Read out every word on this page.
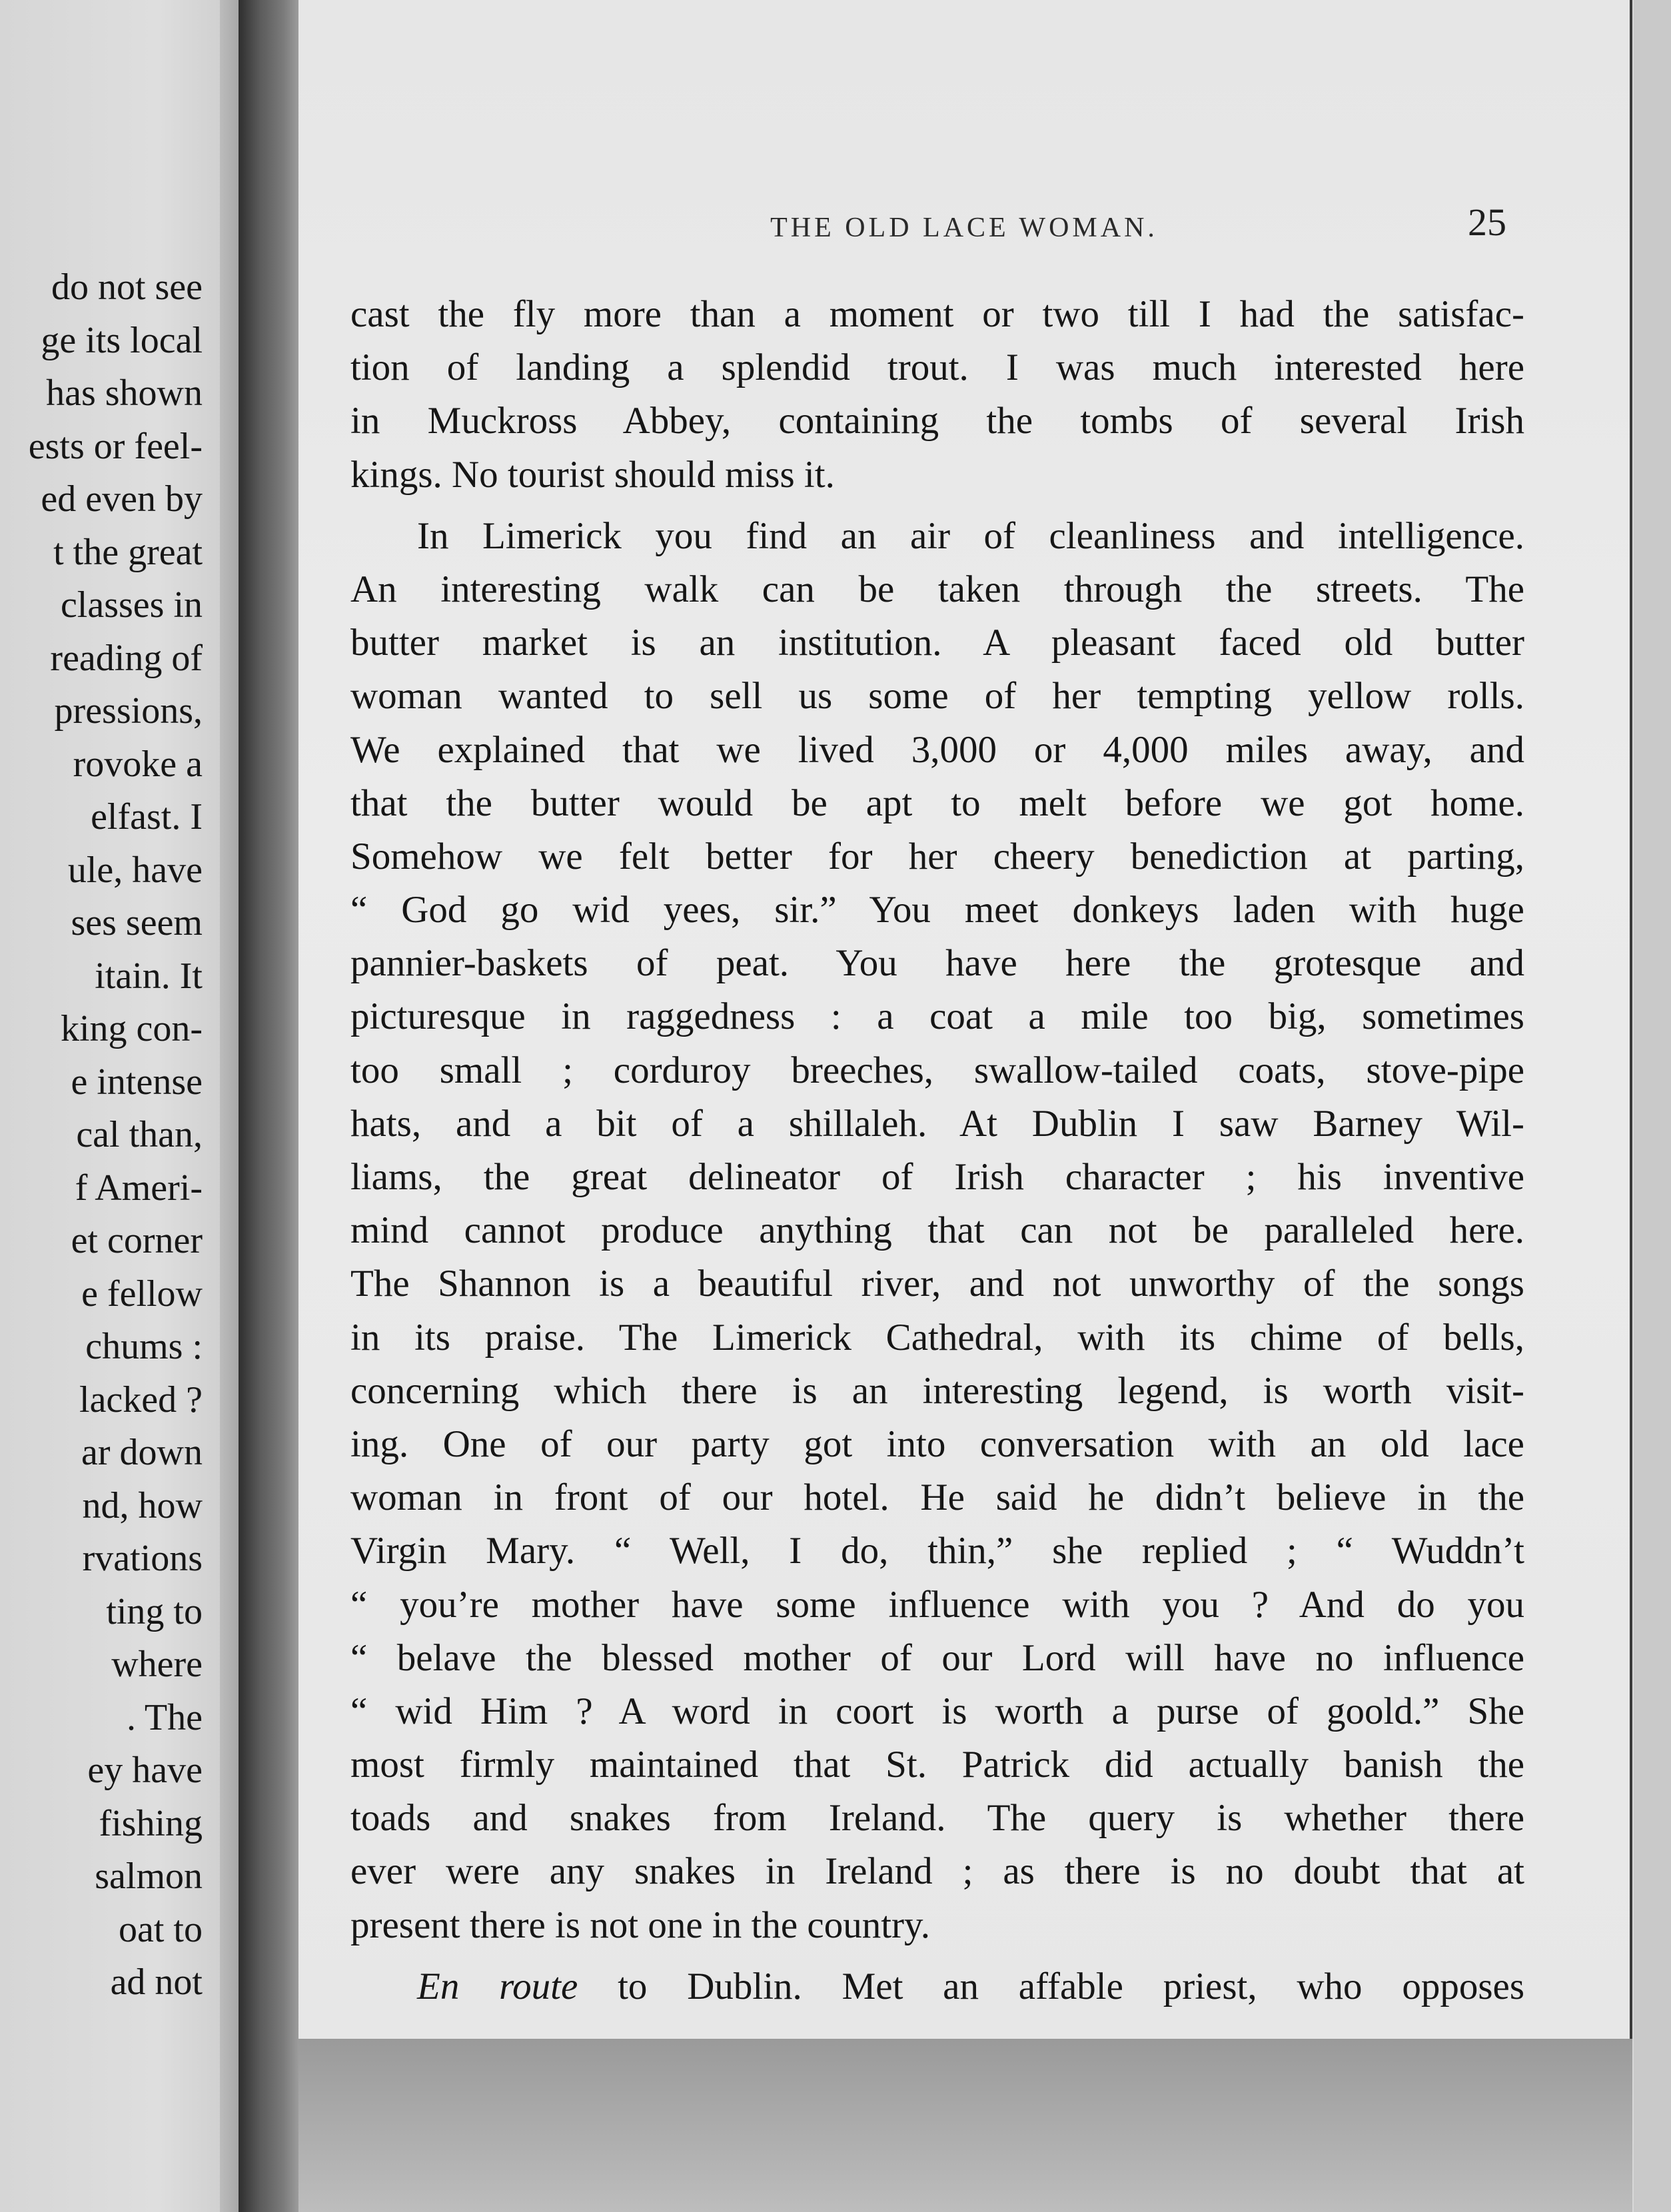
do not see
ge its local
has shown
ests or feel-
ed even by
t the great
classes in
reading of
pressions,
rovoke a
elfast. I
ule, have
ses seem
itain. It
king con-
e intense
cal than,
f Ameri-
et corner
e fellow
chums :
lacked ?
ar down
nd, how
rvations
ting to
where
. The
ey have
fishing
salmon
oat to
ad not
THE OLD LACE WOMAN.	25
cast the fly more than a moment or two till I had the satisfac-
tion of landing a splendid trout. I was much interested here
in Muckross Abbey, containing the tombs of several Irish
kings. No tourist should miss it.
In Limerick you find an air of cleanliness and intelligence.
An interesting walk can be taken through the streets. The
butter market is an institution. A pleasant faced old butter
woman wanted to sell us some of her tempting yellow rolls.
We explained that we lived 3,000 or 4,000 miles away, and
that the butter would be apt to melt before we got home.
Somehow we felt better for her cheery benediction at parting,
“ God go wid yees, sir.” You meet donkeys laden with huge
pannier-baskets of peat. You have here the grotesque and
picturesque in raggedness : a coat a mile too big, sometimes
too small ; corduroy breeches, swallow-tailed coats, stove-pipe
hats, and a bit of a shillaleh. At Dublin I saw Barney Wil-
liams, the great delineator of Irish character ; his inventive
mind cannot produce anything that can not be paralleled here.
The Shannon is a beautiful river, and not unworthy of the songs
in its praise. The Limerick Cathedral, with its chime of bells,
concerning which there is an interesting legend, is worth visit-
ing. One of our party got into conversation with an old lace
woman in front of our hotel. He said he didn’t believe in the
Virgin Mary. “ Well, I do, thin,” she replied ; “ Wuddn’t
“ you’re mother have some influence with you ? And do you
“ belave the blessed mother of our Lord will have no influence
“ wid Him ? A word in coort is worth a purse of goold.” She
most firmly maintained that St. Patrick did actually banish the
toads and snakes from Ireland. The query is whether there
ever were any snakes in Ireland ; as there is no doubt that at
present there is not one in the country.
En route to Dublin. Met an affable priest, who opposes
